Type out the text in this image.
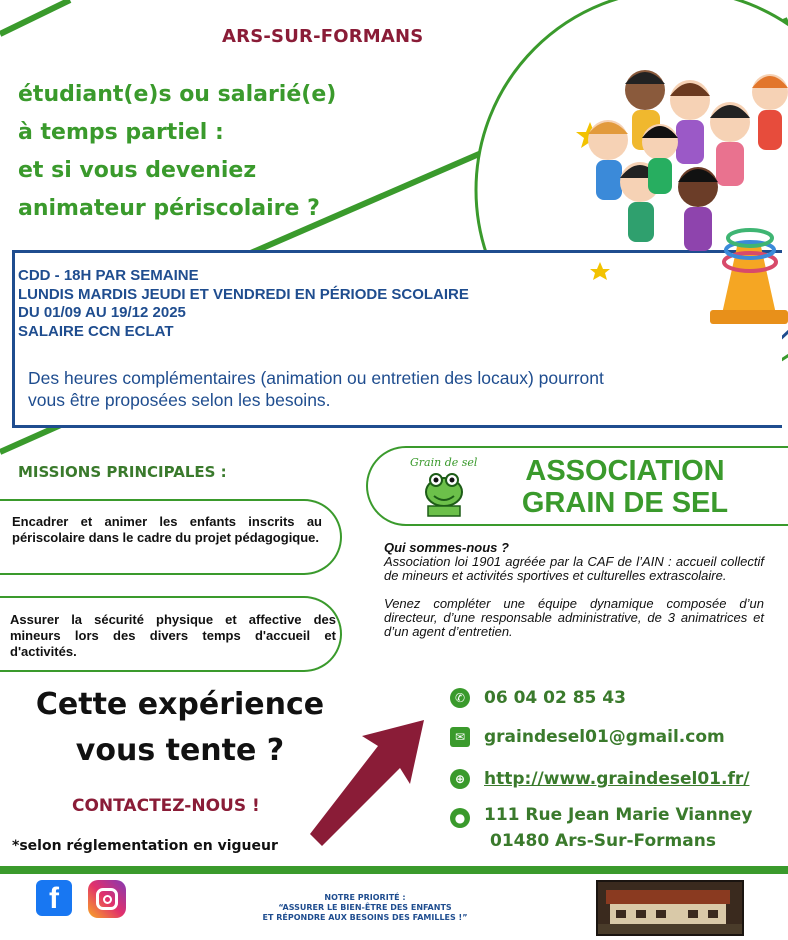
ARS-SUR-FORMANS
étudiant(e)s ou salarié(e)
à temps partiel :
et si vous deveniez
animateur périscolaire ?
CDD - 18H PAR SEMAINE
LUNDIS MARDIS JEUDI ET VENDREDI EN PÉRIODE SCOLAIRE
DU 01/09 AU 19/12 2025
SALAIRE CCN ECLAT
Des heures complémentaires (animation ou entretien des locaux) pourront vous être proposées selon les besoins.
MISSIONS PRINCIPALES :
Encadrer et animer les enfants inscrits au périscolaire dans le cadre du projet pédagogique.
Assurer la sécurité physique et affective des mineurs lors des divers temps d'accueil et d'activités.
Cette expérience
vous tente ?
CONTACTEZ-NOUS !
*selon réglementation en vigueur
Grain de sel	ASSOCIATION
GRAIN DE SEL
Qui sommes-nous ?
Association loi 1901 agréée par la CAF de l’AIN : accueil collectif de mineurs et activités sportives et culturelles extrascolaire.
Venez compléter une équipe dynamique composée d’un directeur, d’une responsable administrative, de 3 animatrices et d’un agent d’entretien.
✆ 06 04 02 85 43
✉ graindesel01@gmail.com
⊕ http://www.graindesel01.fr/
● 111 Rue Jean Marie Vianney
01480 Ars-Sur-Formans
f	NOTRE PRIORITÉ :
“ASSURER LE BIEN-ÊTRE DES ENFANTS
ET RÉPONDRE AUX BESOINS DES FAMILLES !”
